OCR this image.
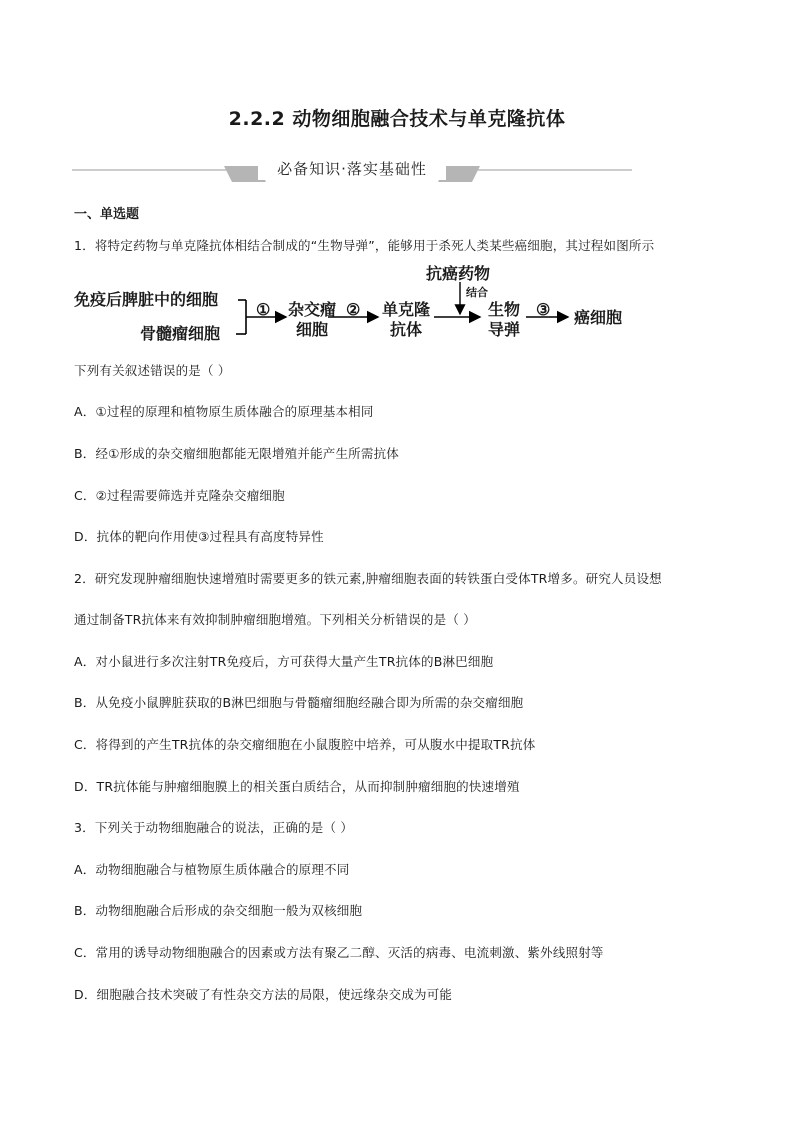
2.2.2 动物细胞融合技术与单克隆抗体
必备知识·落实基础性
一、单选题
1．将特定药物与单克隆抗体相结合制成的“生物导弹”，能够用于杀死人类某些癌细胞，其过程如图所示
免疫后脾脏中的细胞
骨髓瘤细胞
① 杂交瘤
细胞
② 单克隆
抗体
抗癌药物
结合
生物
导弹
③ 癌细胞
下列有关叙述错误的是（ ）
A．①过程的原理和植物原生质体融合的原理基本相同
B．经①形成的杂交瘤细胞都能无限增殖并能产生所需抗体
C．②过程需要筛选并克隆杂交瘤细胞
D．抗体的靶向作用使③过程具有高度特异性
2．研究发现肿瘤细胞快速增殖时需要更多的铁元素,肿瘤细胞表面的转铁蛋白受体TR增多。研究人员设想
通过制备TR抗体来有效抑制肿瘤细胞增殖。下列相关分析错误的是（ ）
A．对小鼠进行多次注射TR免疫后，方可获得大量产生TR抗体的B淋巴细胞
B．从免疫小鼠脾脏获取的B淋巴细胞与骨髓瘤细胞经融合即为所需的杂交瘤细胞
C．将得到的产生TR抗体的杂交瘤细胞在小鼠腹腔中培养，可从腹水中提取TR抗体
D．TR抗体能与肿瘤细胞膜上的相关蛋白质结合，从而抑制肿瘤细胞的快速增殖
3．下列关于动物细胞融合的说法，正确的是（ ）
A．动物细胞融合与植物原生质体融合的原理不同
B．动物细胞融合后形成的杂交细胞一般为双核细胞
C．常用的诱导动物细胞融合的因素或方法有聚乙二醇、灭活的病毒、电流刺激、紫外线照射等
D．细胞融合技术突破了有性杂交方法的局限，使远缘杂交成为可能
